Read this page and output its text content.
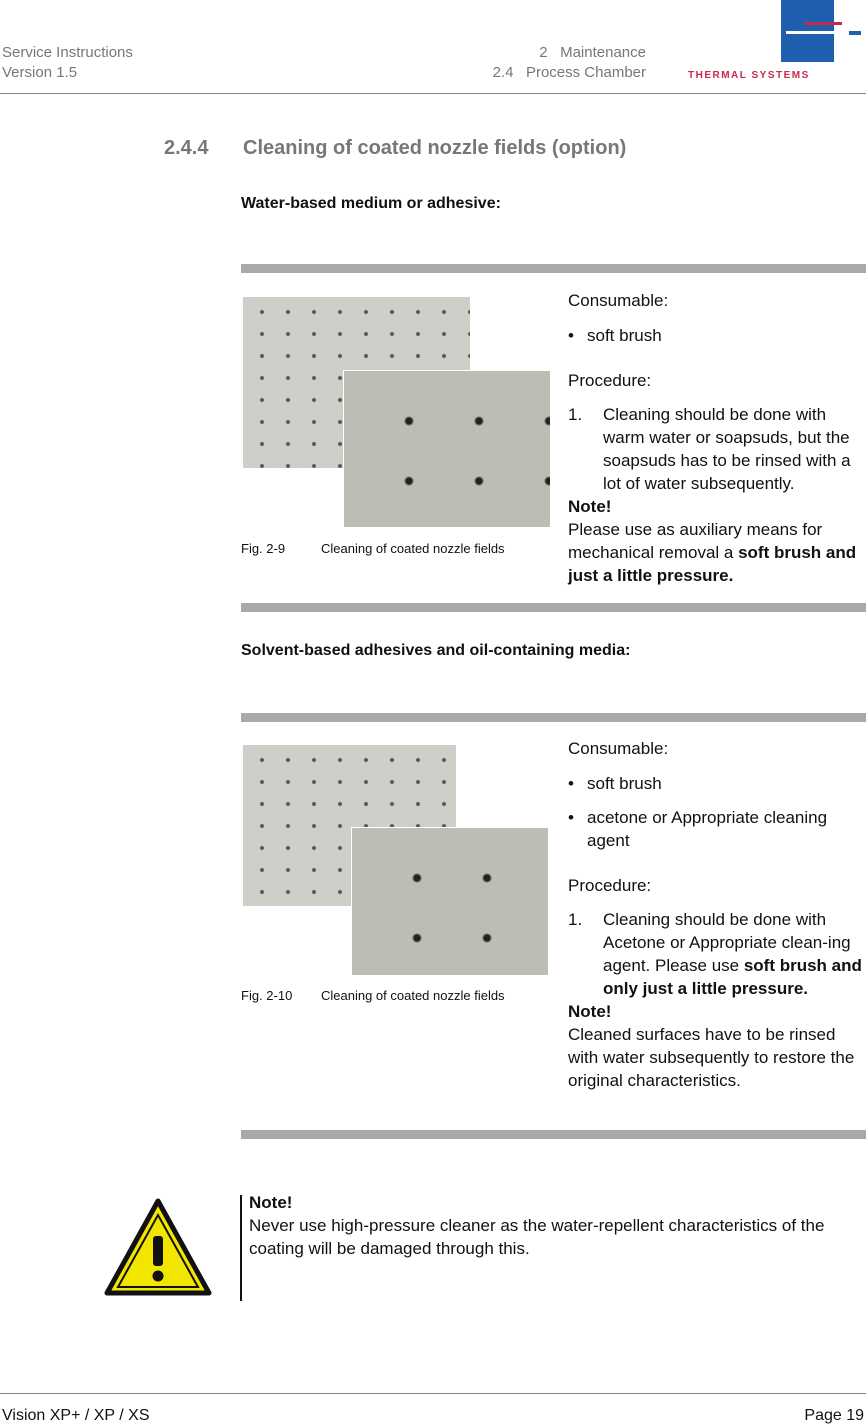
Service Instructions
Version 1.5
2 Maintenance
2.4 Process Chamber	THERMAL SYSTEMS
2.4.4 Cleaning of coated nozzle fields (option)
Water-based medium or adhesive:
Fig. 2-9	Cleaning of coated nozzle fields

Consumable:

• soft brush

Procedure:

1. Cleaning should be done with warm water or soapsuds, but the soapsuds has to be rinsed with a lot of water subsequently.

Note!

Please use as auxiliary means for mechanical removal a soft brush and just a little pressure.

Solvent-based adhesives and oil-containing media:
Fig. 2-10 Cleaning of coated nozzle fields

Consumable:

• soft brush

• acetone or Appropriate cleaning agent

Procedure:

1. Cleaning should be done with Acetone or Appropriate clean-ing agent. Please use soft brush and only just a little pressure.

Note!

Cleaned surfaces have to be rinsed with water subsequently to restore the original characteristics.

Note!

Never use high-pressure cleaner as the water-repellent characteristics of the coating will be damaged through this.

Vision XP+ / XP / XS	Page 19
